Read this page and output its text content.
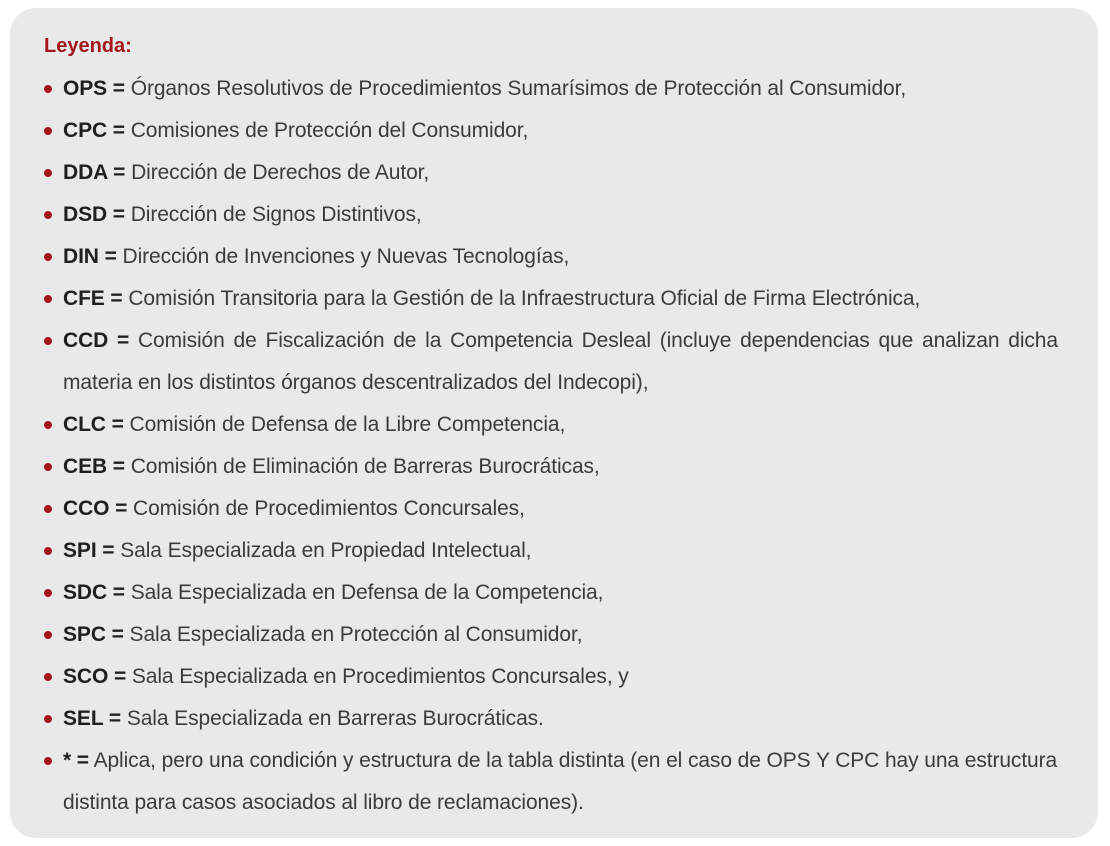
Leyenda:
OPS = Órganos Resolutivos de Procedimientos Sumarísimos de Protección al Consumidor,
CPC = Comisiones de Protección del Consumidor,
DDA = Dirección de Derechos de Autor,
DSD = Dirección de Signos Distintivos,
DIN = Dirección de Invenciones y Nuevas Tecnologías,
CFE = Comisión Transitoria para la Gestión de la Infraestructura Oficial de Firma Electrónica,
CCD = Comisión de Fiscalización de la Competencia Desleal (incluye dependencias que analizan dicha materia en los distintos órganos descentralizados del Indecopi),
CLC = Comisión de Defensa de la Libre Competencia,
CEB = Comisión de Eliminación de Barreras Burocráticas,
CCO = Comisión de Procedimientos Concursales,
SPI = Sala Especializada en Propiedad Intelectual,
SDC = Sala Especializada en Defensa de la Competencia,
SPC = Sala Especializada en Protección al Consumidor,
SCO = Sala Especializada en Procedimientos Concursales, y
SEL = Sala Especializada en Barreras Burocráticas.
* = Aplica, pero una condición y estructura de la tabla distinta (en el caso de OPS Y CPC hay una estructura distinta para casos asociados al libro de reclamaciones).
